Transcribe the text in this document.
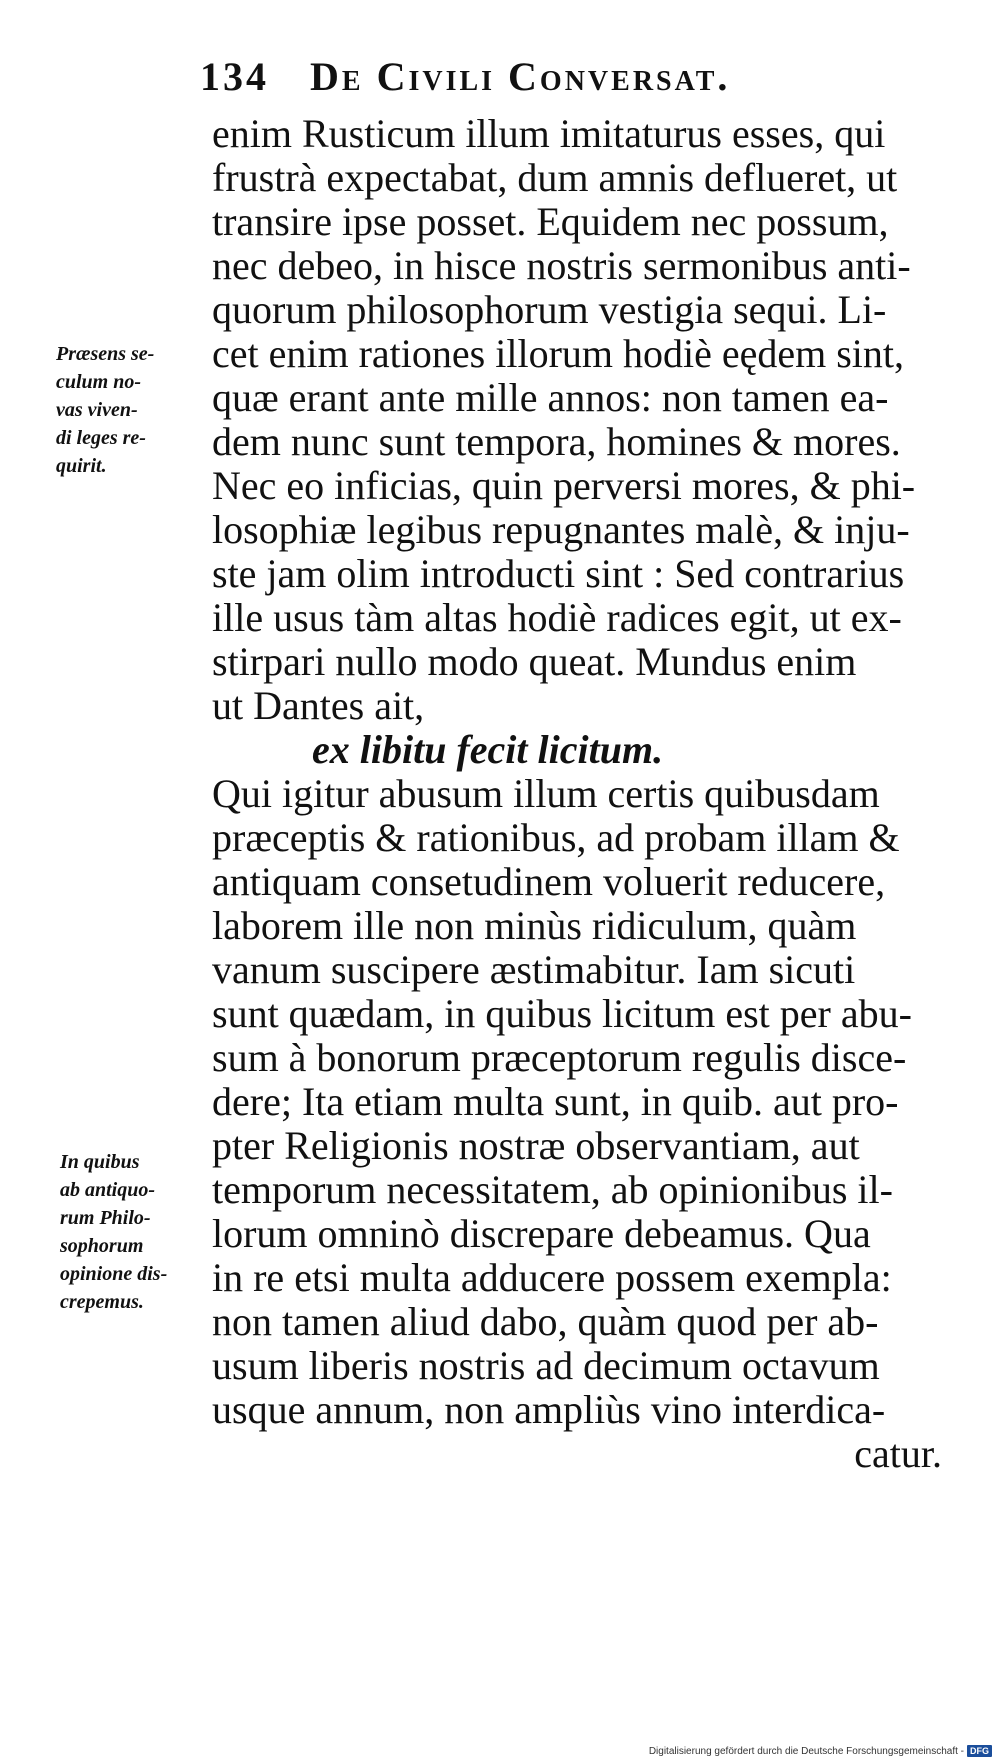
134 De Civili Conversat.
enim Rusticum illum imitaturus esses, qui
frustrà expectabat, dum amnis deflueret, ut
transire ipse posset. Equidem nec possum,
nec debeo, in hisce nostris sermonibus anti-
quorum philosophorum vestigia sequi. Li-
cet enim rationes illorum hodiè eędem sint,
quæ erant ante mille annos: non tamen ea-
dem nunc sunt tempora, homines & mores.
Nec eo inficias, quin perversi mores, & phi-
losophiæ legibus repugnantes malè, & inju-
ste jam olim introducti sint : Sed contrarius
ille usus tàm altas hodiè radices egit, ut ex-
stirpari nullo modo queat. Mundus enim
ut Dantes ait,
ex libitu fecit licitum.
Qui igitur abusum illum certis quibusdam
præceptis & rationibus, ad probam illam &
antiquam consetudinem voluerit reducere,
laborem ille non minùs ridiculum, quàm
vanum suscipere æstimabitur. Iam sicuti
sunt quædam, in quibus licitum est per abu-
sum à bonorum præceptorum regulis disce-
dere; Ita etiam multa sunt, in quib. aut pro-
pter Religionis nostræ observantiam, aut
temporum necessitatem, ab opinionibus il-
lorum omninò discrepare debeamus. Qua
in re etsi multa adducere possem exempla:
non tamen aliud dabo, quàm quod per ab-
usum liberis nostris ad decimum octavum
usque annum, non ampliùs vino interdica-
catur.
Præsens se-
culum no-
vas viven-
di leges re-
quirit.
In quibus
ab antiquo-
rum Philo-
sophorum
opinione dis-
crepemus.
Digitalisierung gefördert durch die Deutsche Forschungsgemeinschaft - DFG
